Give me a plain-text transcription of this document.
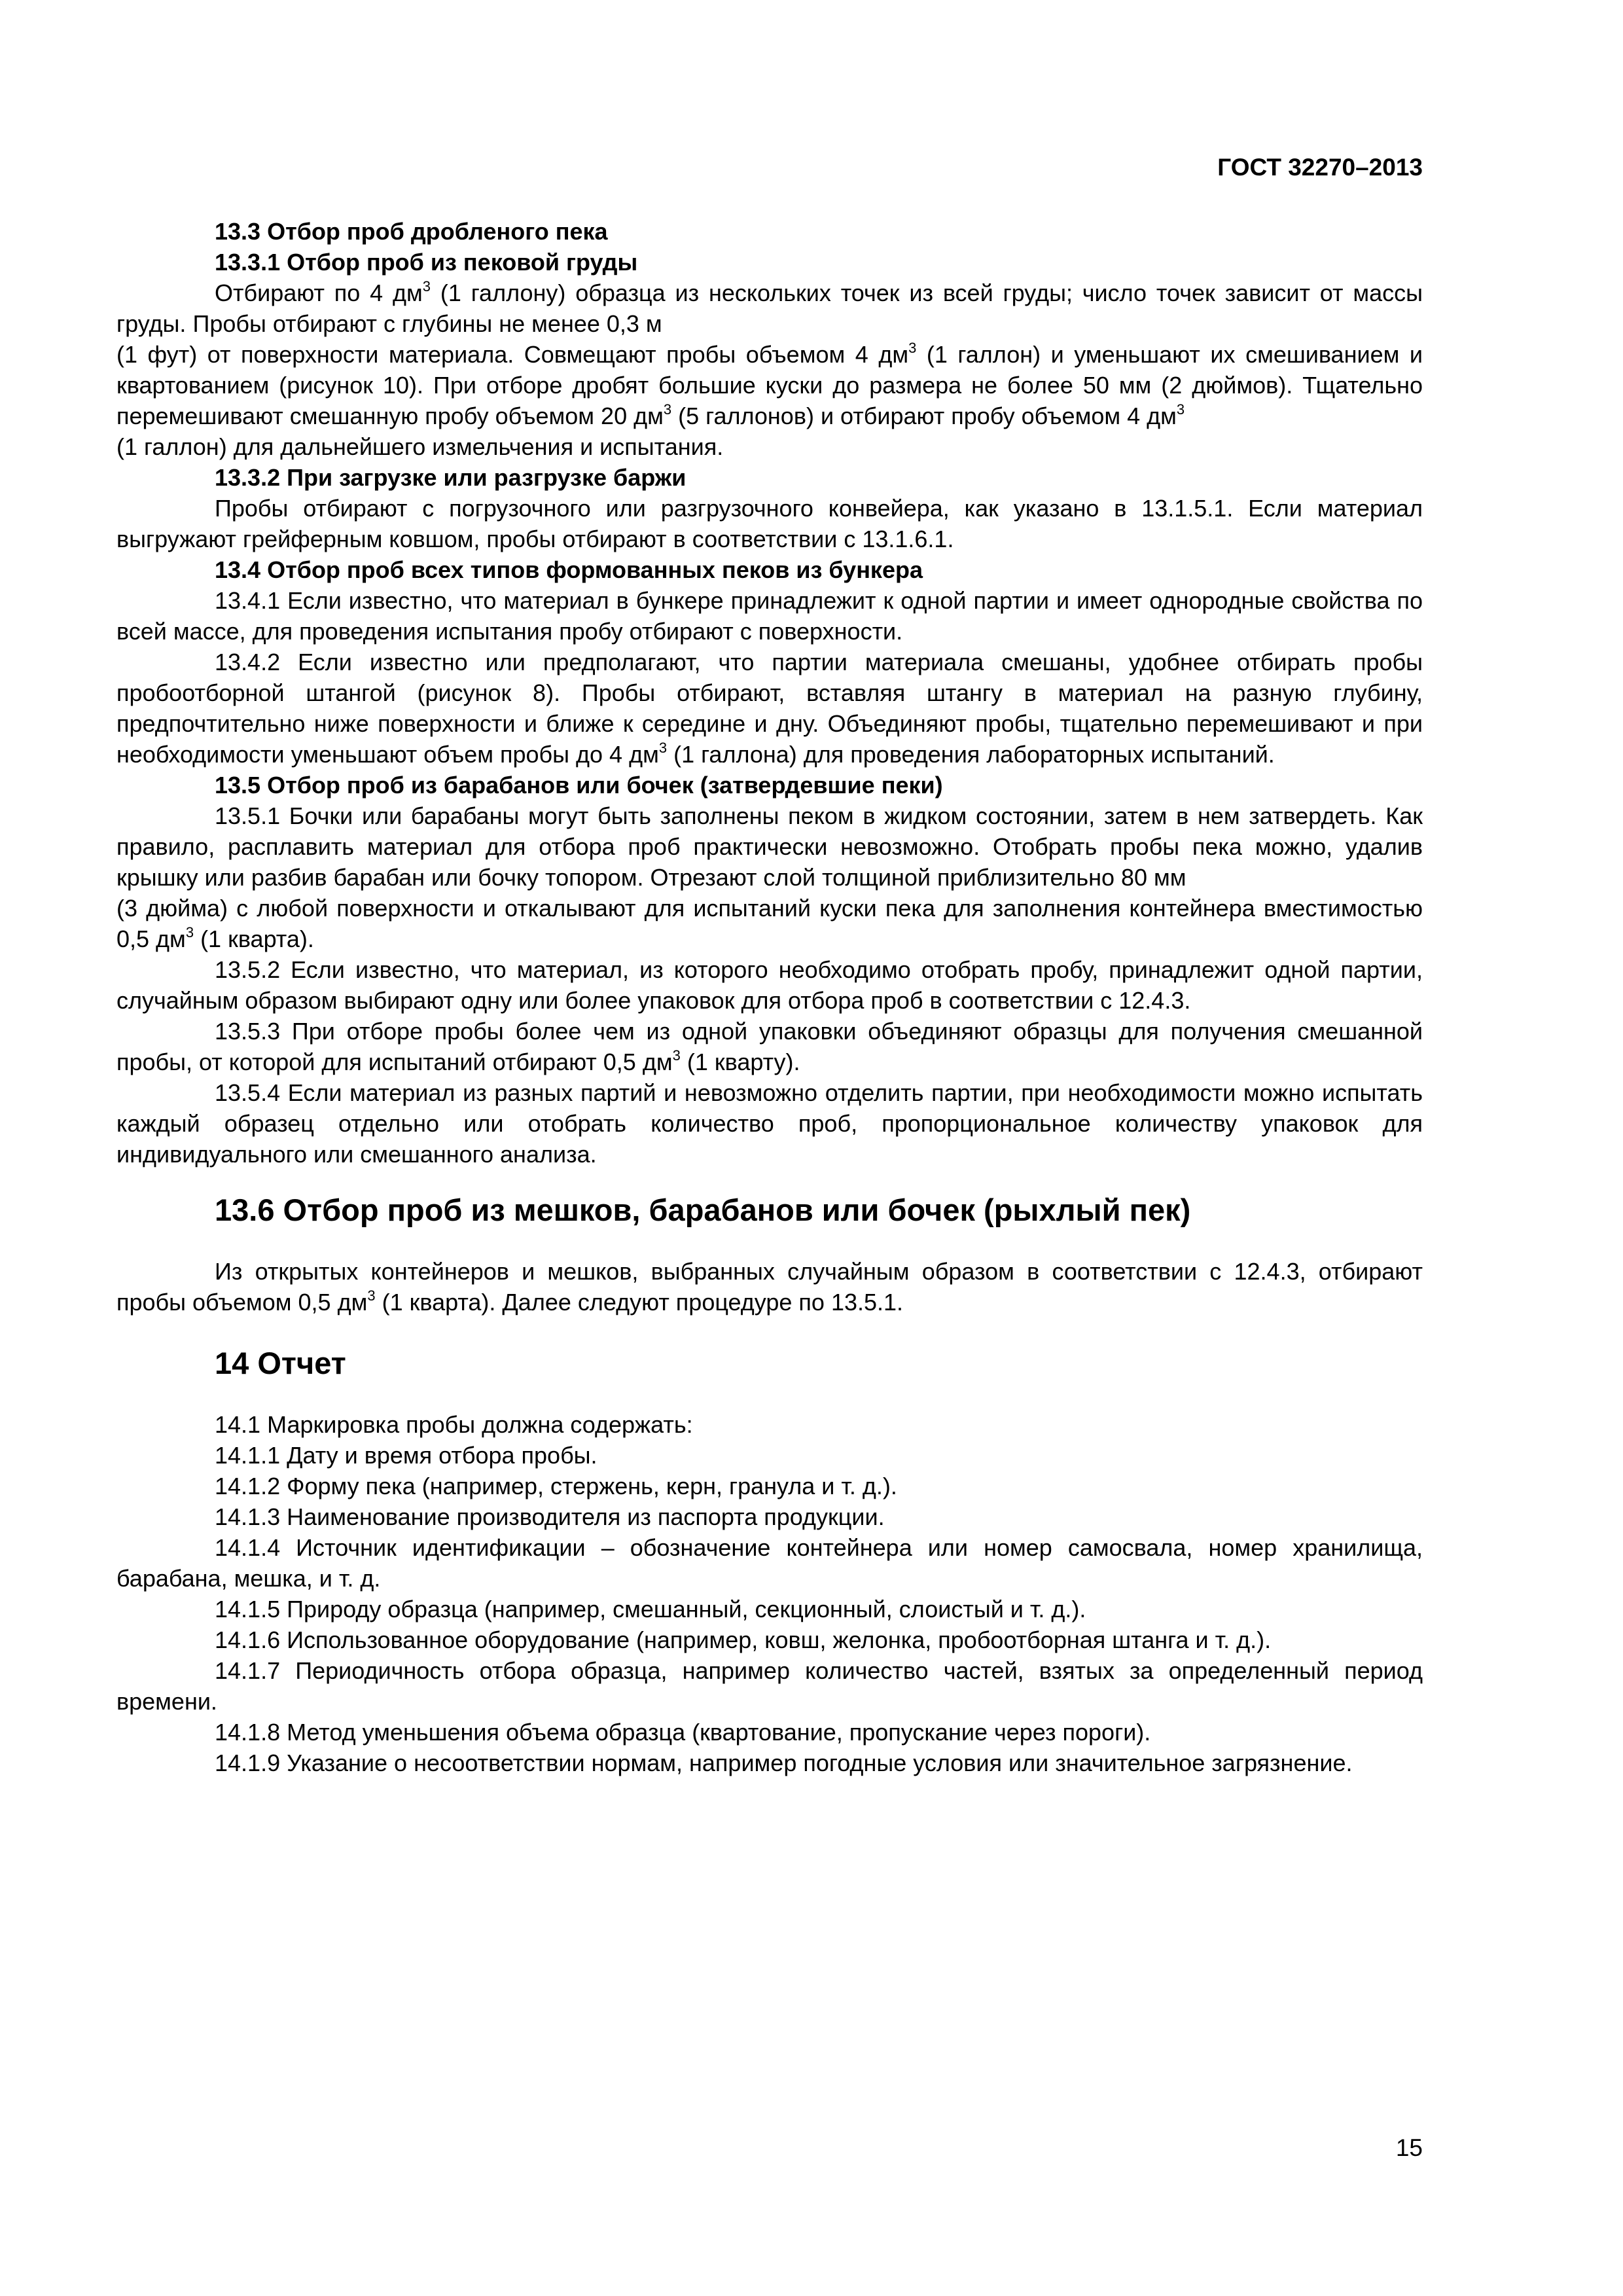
ГОСТ 32270–2013

13.3 Отбор проб дробленого пека

13.3.1 Отбор проб из пековой груды

Отбирают по 4 $дм^3$ (1 галлону) образца из нескольких точек из всей груды; число точек зависит от массы груды. Пробы отбирают с глубины не менее 0,3 м

(1 фут) от поверхности материала. Совмещают пробы объемом 4 $дм^3$ (1 галлон) и уменьшают их смешиванием и квартованием (рисунок 10). При отборе дробят большие куски до размера не более 50 мм (2 дюймов). Тщательно перемешивают смешанную пробу объемом 20 $дм^3$ (5 галлонов) и отбирают пробу объемом 4 $дм^3$

(1 галлон) для дальнейшего измельчения и испытания.

13.3.2 При загрузке или разгрузке баржи

Пробы отбирают с погрузочного или разгрузочного конвейера, как указано в 13.1.5.1. Если материал выгружают грейферным ковшом, пробы отбирают в соответствии с 13.1.6.1.

13.4 Отбор проб всех типов формованных пеков из бункера

13.4.1 Если известно, что материал в бункере принадлежит к одной партии и имеет однородные свойства по всей массе, для проведения испытания пробу отбирают с поверхности.

13.4.2 Если известно или предполагают, что партии материала смешаны, удобнее отбирать пробы пробоотборной штангой (рисунок 8). Пробы отбирают, вставляя штангу в материал на разную глубину, предпочтительно ниже поверхности и ближе к середине и дну. Объединяют пробы, тщательно перемешивают и при необходимости уменьшают объем пробы до 4 $дм^3$ (1 галлона) для проведения лабораторных испытаний.

13.5 Отбор проб из барабанов или бочек (затвердевшие пеки)

13.5.1 Бочки или барабаны могут быть заполнены пеком в жидком состоянии, затем в нем затвердеть. Как правило, расплавить материал для отбора проб практически невозможно. Отобрать пробы пека можно, удалив крышку или разбив барабан или бочку топором. Отрезают слой толщиной приблизительно 80 мм

(3 дюйма) с любой поверхности и откалывают для испытаний куски пека для заполнения контейнера вместимостью 0,5 $дм^3$ (1 кварта).

13.5.2 Если известно, что материал, из которого необходимо отобрать пробу, принадлежит одной партии, случайным образом выбирают одну или более упаковок для отбора проб в соответствии с 12.4.3.

13.5.3 При отборе пробы более чем из одной упаковки объединяют образцы для получения смешанной пробы, от которой для испытаний отбирают 0,5 $дм^3$ (1 кварту).

13.5.4 Если материал из разных партий и невозможно отделить партии, при необходимости можно испытать каждый образец отдельно или отобрать количество проб, пропорциональное количеству упаковок для индивидуального или смешанного анализа.

13.6 Отбор проб из мешков, барабанов или бочек (рыхлый пек)

Из открытых контейнеров и мешков, выбранных случайным образом в соответствии с 12.4.3, отбирают пробы объемом 0,5 $дм^3$ (1 кварта). Далее следуют процедуре по 13.5.1.

14 Отчет

14.1 Маркировка пробы должна содержать:

14.1.1 Дату и время отбора пробы.

14.1.2 Форму пека (например, стержень, керн, гранула и т. д.).

14.1.3 Наименование производителя из паспорта продукции.

14.1.4 Источник идентификации – обозначение контейнера или номер самосвала, номер хранилища, барабана, мешка, и т. д.

14.1.5 Природу образца (например, смешанный, секционный, слоистый и т. д.).

14.1.6 Использованное оборудование (например, ковш, желонка, пробоотборная штанга и т. д.).

14.1.7 Периодичность отбора образца, например количество частей, взятых за определенный период времени.

14.1.8 Метод уменьшения объема образца (квартование, пропускание через пороги).

14.1.9 Указание о несоответствии нормам, например погодные условия или значительное загрязнение.

15
